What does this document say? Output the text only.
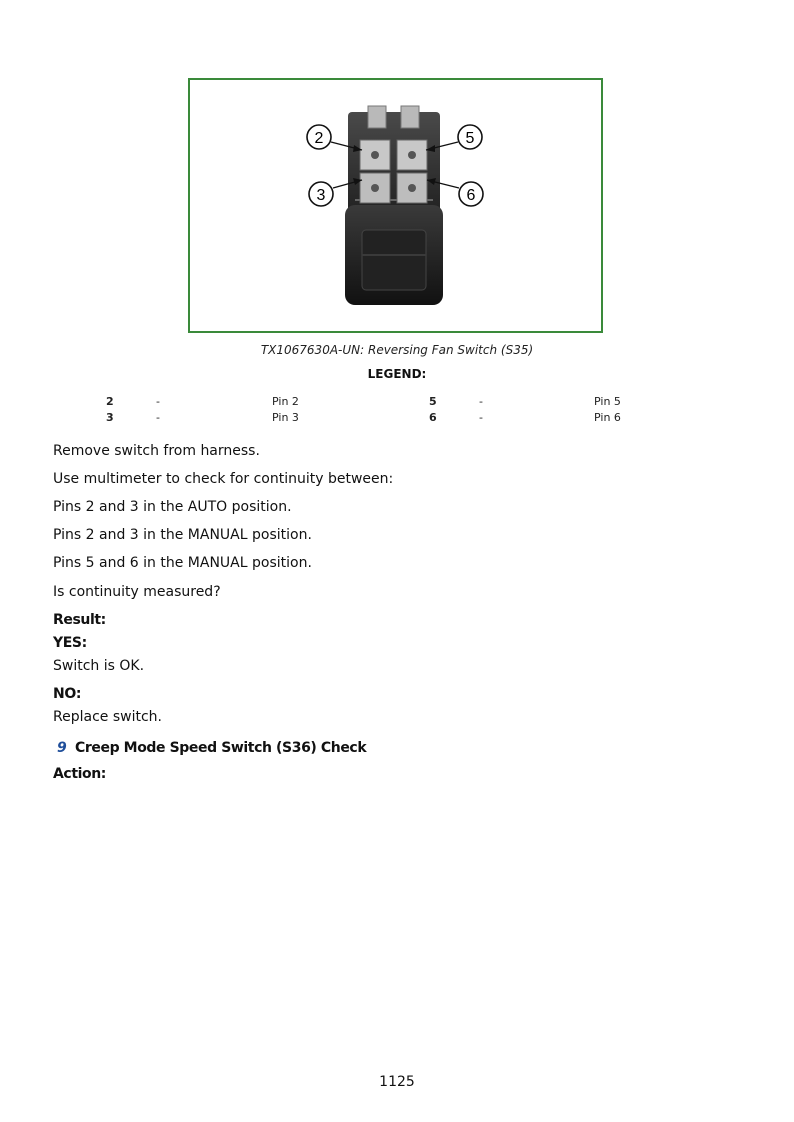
2	5
3	6
TX1067630A-UN: Reversing Fan Switch (S35)
LEGEND:
2	-	Pin 2	5	-	Pin 5
3	-	Pin 3	6	-	Pin 6
Remove switch from harness.
Use multimeter to check for continuity between:
Pins 2 and 3 in the AUTO position.
Pins 2 and 3 in the MANUAL position.
Pins 5 and 6 in the MANUAL position.
Is continuity measured?
Result:
YES:
Switch is OK.
NO:
Replace switch.
9 Creep Mode Speed Switch (S36) Check
Action:
1125
